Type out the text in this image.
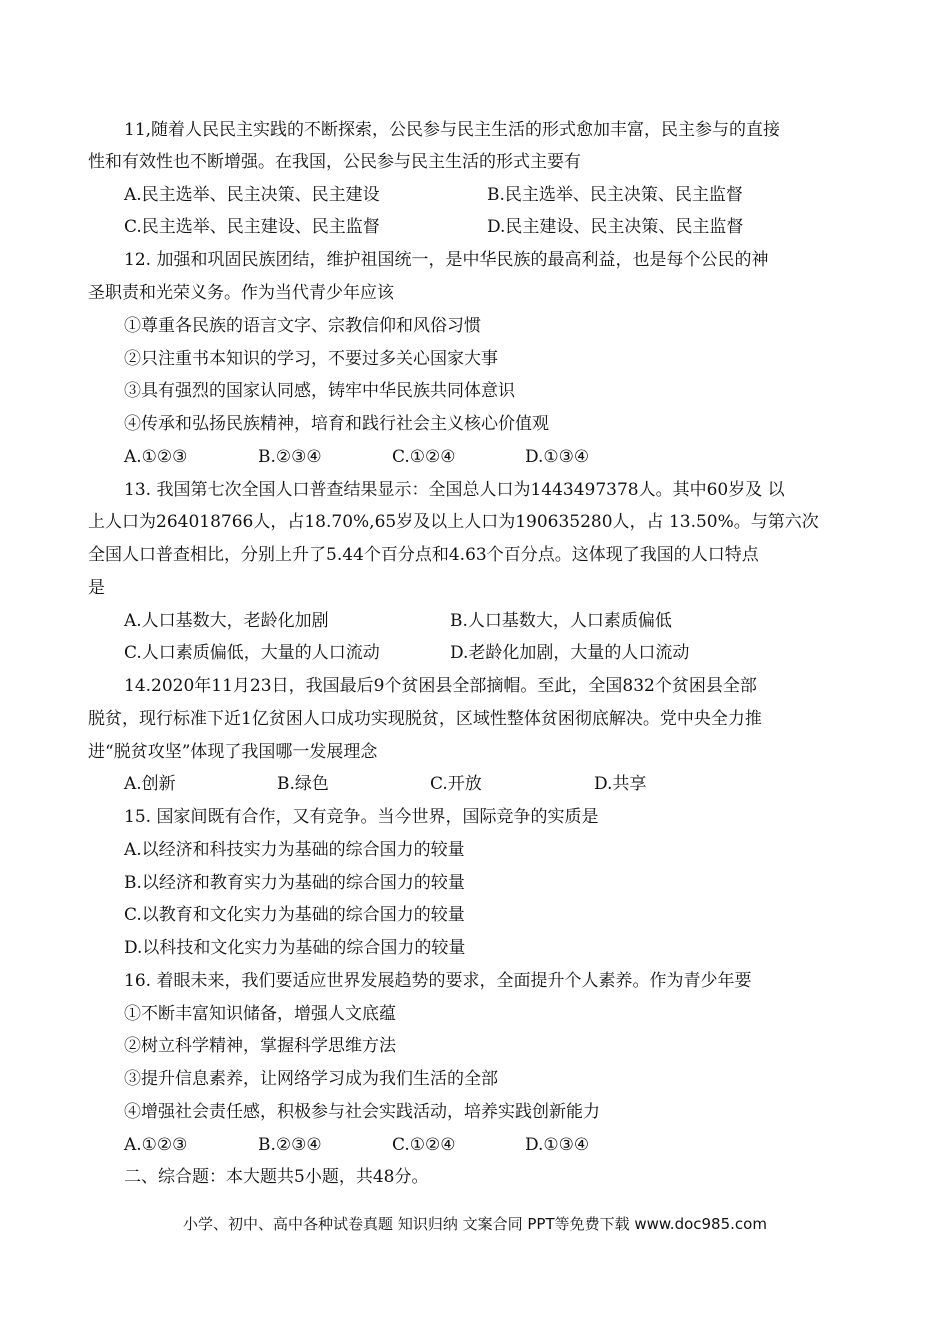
11,随着人民民主实践的不断探索，公民参与民主生活的形式愈加丰富，民主参与的直接
性和有效性也不断增强。在我国，公民参与民主生活的形式主要有
A.民主选举、民主决策、民主建设	B.民主选举、民主决策、民主监督
C.民主选举、民主建设、民主监督	D.民主建设、民主决策、民主监督
12. 加强和巩固民族团结，维护祖国统一，是中华民族的最高利益，也是每个公民的神
圣职责和光荣义务。作为当代青少年应该
①尊重各民族的语言文字、宗教信仰和风俗习惯
②只注重书本知识的学习，不要过多关心国家大事
③具有强烈的国家认同感，铸牢中华民族共同体意识
④传承和弘扬民族精神，培育和践行社会主义核心价值观
A.①②③	B.②③④	C.①②④	D.①③④
13. 我国第七次全国人口普查结果显示：全国总人口为1443497378人。其中60岁及 以
上人口为264018766人，占18.70%,65岁及以上人口为190635280人，占 13.50%。与第六次
全国人口普查相比，分别上升了5.44个百分点和4.63个百分点。这体现了我国的人口特点
是
A.人口基数大，老龄化加剧	B.人口基数大，人口素质偏低
C.人口素质偏低，大量的人口流动	D.老龄化加剧，大量的人口流动
14.2020年11月23日，我国最后9个贫困县全部摘帽。至此，全国832个贫困县全部
脱贫，现行标准下近1亿贫困人口成功实现脱贫，区域性整体贫困彻底解决。党中央全力推
进“脱贫攻坚”体现了我国哪一发展理念
A.创新	B.绿色	C.开放	D.共享
15. 国家间既有合作，又有竞争。当今世界，国际竞争的实质是
A.以经济和科技实力为基础的综合国力的较量
B.以经济和教育实力为基础的综合国力的较量
C.以教育和文化实力为基础的综合国力的较量
D.以科技和文化实力为基础的综合国力的较量
16. 着眼未来，我们要适应世界发展趋势的要求，全面提升个人素养。作为青少年要
①不断丰富知识储备，增强人文底蕴
②树立科学精神，掌握科学思维方法
③提升信息素养，让网络学习成为我们生活的全部
④增强社会责任感，积极参与社会实践活动，培养实践创新能力
A.①②③	B.②③④	C.①②④	D.①③④
二、综合题：本大题共5小题，共48分。
小学、初中、高中各种试卷真题 知识归纳 文案合同 PPT等免费下载 www.doc985.com
